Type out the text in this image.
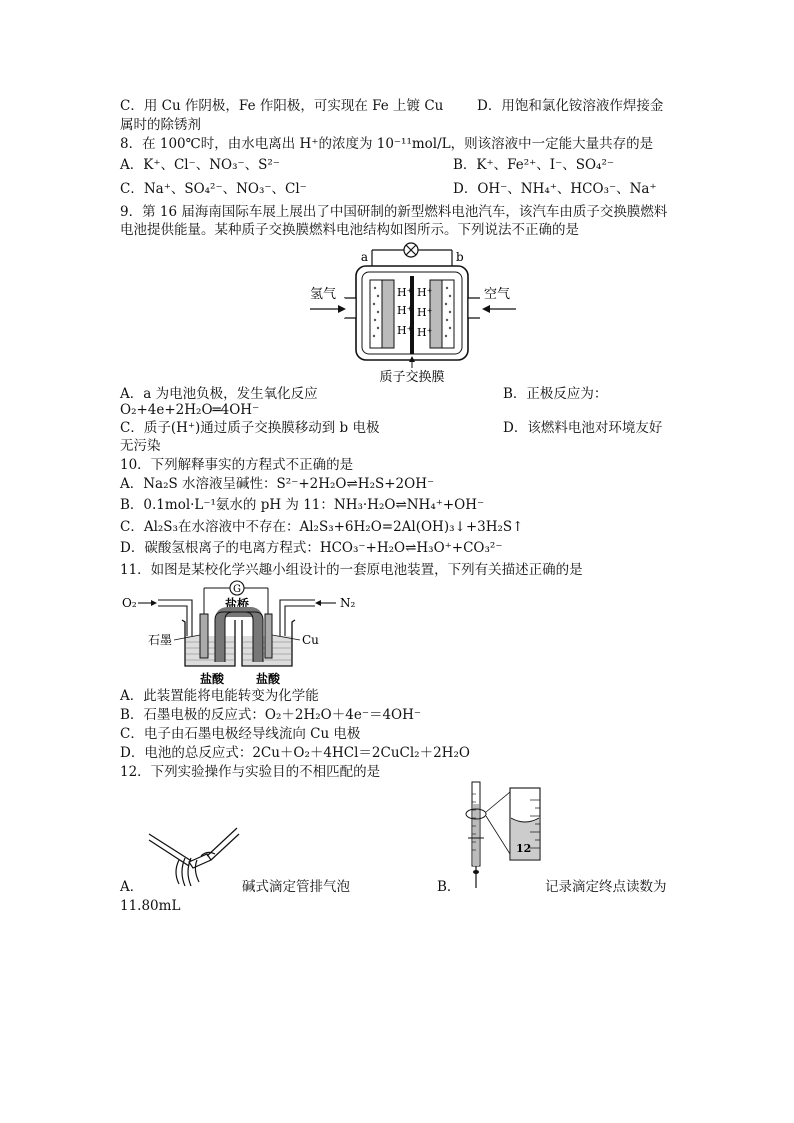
C．用 Cu 作阴极，Fe 作阳极，可实现在 Fe 上镀 Cu D．用饱和氯化铵溶液作焊接金
属时的除锈剂
8．在 100℃时，由水电离出 H⁺的浓度为 10⁻¹¹mol/L，则该溶液中一定能大量共存的是
A．K⁺、Cl⁻、NO₃⁻、S²⁻	B．K⁺、Fe²⁺、I⁻、SO₄²⁻
C．Na⁺、SO₄²⁻、NO₃⁻、Cl⁻	D．OH⁻、NH₄⁺、HCO₃⁻、Na⁺
9．第 16 届海南国际车展上展出了中国研制的新型燃料电池汽车，该汽车由质子交换膜燃料
电池提供能量。某种质子交换膜燃料电池结构如图所示。下列说法不正确的是
a	b
氢气	空气
H⁺
H⁺
H⁺
H⁺
H⁺
H⁺
质子交换膜
A．a 为电池负极，发生氧化反应	B．正极反应为：
O₂+4e+2H₂O═4OH⁻
C．质子(H⁺)通过质子交换膜移动到 b 电极	D．该燃料电池对环境友好
无污染
10．下列解释事实的方程式不正确的是
A．Na₂S 水溶液呈碱性：S²⁻+2H₂O⇌H₂S+2OH⁻
B．0.1mol·L⁻¹氨水的 pH 为 11：NH₃·H₂O⇌NH₄⁺+OH⁻
C．Al₂S₃在水溶液中不存在：Al₂S₃+6H₂O=2Al(OH)₃↓+3H₂S↑
D．碳酸氢根离子的电离方程式：HCO₃⁻+H₂O⇌H₃O⁺+CO₃²⁻
11．如图是某校化学兴趣小组设计的一套原电池装置，下列有关描述正确的是
O₂	N₂
G
盐桥
石墨	Cu
盐酸	盐酸
A．此装置能将电能转变为化学能
B．石墨电极的反应式：O₂＋2H₂O＋4e⁻＝4OH⁻
C．电子由石墨电极经导线流向 Cu 电极
D．电池的总反应式：2Cu＋O₂＋4HCl＝2CuCl₂＋2H₂O
12．下列实验操作与实验目的不相匹配的是
A．	碱式滴定管排气泡
12
B．	记录滴定终点读数为
11.80mL
